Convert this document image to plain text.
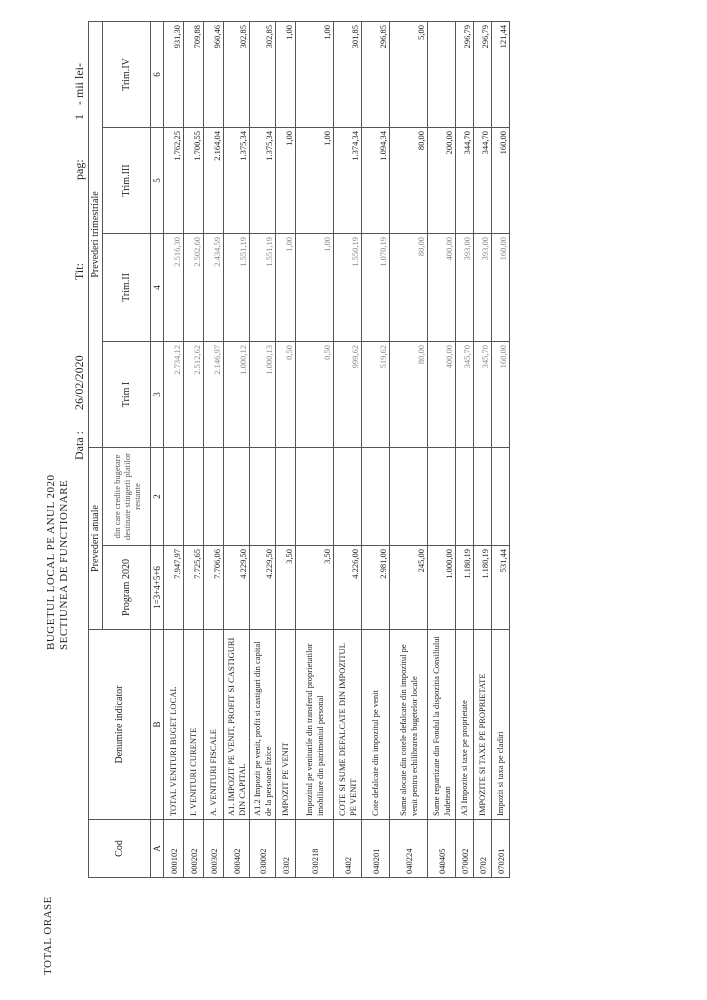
TOTAL ORASE
BUGETUL LOCAL PE ANUL 2020 SECTIUNEA DE FUNCTIONARE
Data :
26/02/2020
Tit:
pag:
1
- mii lei-
Cod	Denumire indicator	Prevederi anuale		Prevederi trimestriale			
		Program 2020	din care credite bugetare destinate stingerii platilor restante	Trim I	Trim.II	Trim.III	Trim.IV
A	B	1=3+4+5+6	2	3	4	5	6
000102	TOTAL VENITURI BUGET LOCAL	7.947,97		2.734,12	2.516,30	1.762,25	931,30
000202	I. VENITURI CURENTE	7.725,65		2.512,62	2.502,60	1.700,55	709,88
000302	A. VENITURI FISCALE	7.706,06		2.146,97	2.434,59	2.164,04	960,46
000402	A1. IMPOZIT PE VENIT, PROFIT SI CASTIGURI DIN CAPITAL	4.229,50		1.000,12	1.551,19	1.375,34	302,85
030002	A1.2 Impozit pe venit, profit si castiguri din capital de la persoane fizice	4.229,50		1.000,13	1.551,19	1.375,34	302,85
0302	IMPOZIT PE VENIT	3,50		0,50	1,00	1,00	1,00
030218	Impozitul pe veniturile din transferul proprietatilor imobiliare din patrimoniul personal	3,50		0,50	1,00	1,00	1,00
0402	COTE SI SUME DEFALCATE DIN IMPOZITUL PE VENIT	4.226,00		999,62	1.550,19	1.374,34	301,85
040201	Cote defalcate din impozitul pe venit	2.981,00		519,62	1.070,19	1.094,34	296,85
040224	Sume alocate din cotele defalcate din impozitul pe venit pentru echilibrarea bugetelor locale	245,00		80,00	80,00	80,00	5,00
040405	Sume repartizate din Fondul la dispozitia Consiliului Judetean	1.000,00		400,00	400,00	200,00	
070002	A3 Impozite si taxe pe proprietate	1.180,19		345,70	393,00	344,70	296,79
0702	IMPOZITE SI TAXE PE PROPRIETATE	1.180,19		345,70	393,00	344,70	296,79
070201	Impozit si taxa pe cladiri	531,44		160,00	160,00	160,00	121,44
